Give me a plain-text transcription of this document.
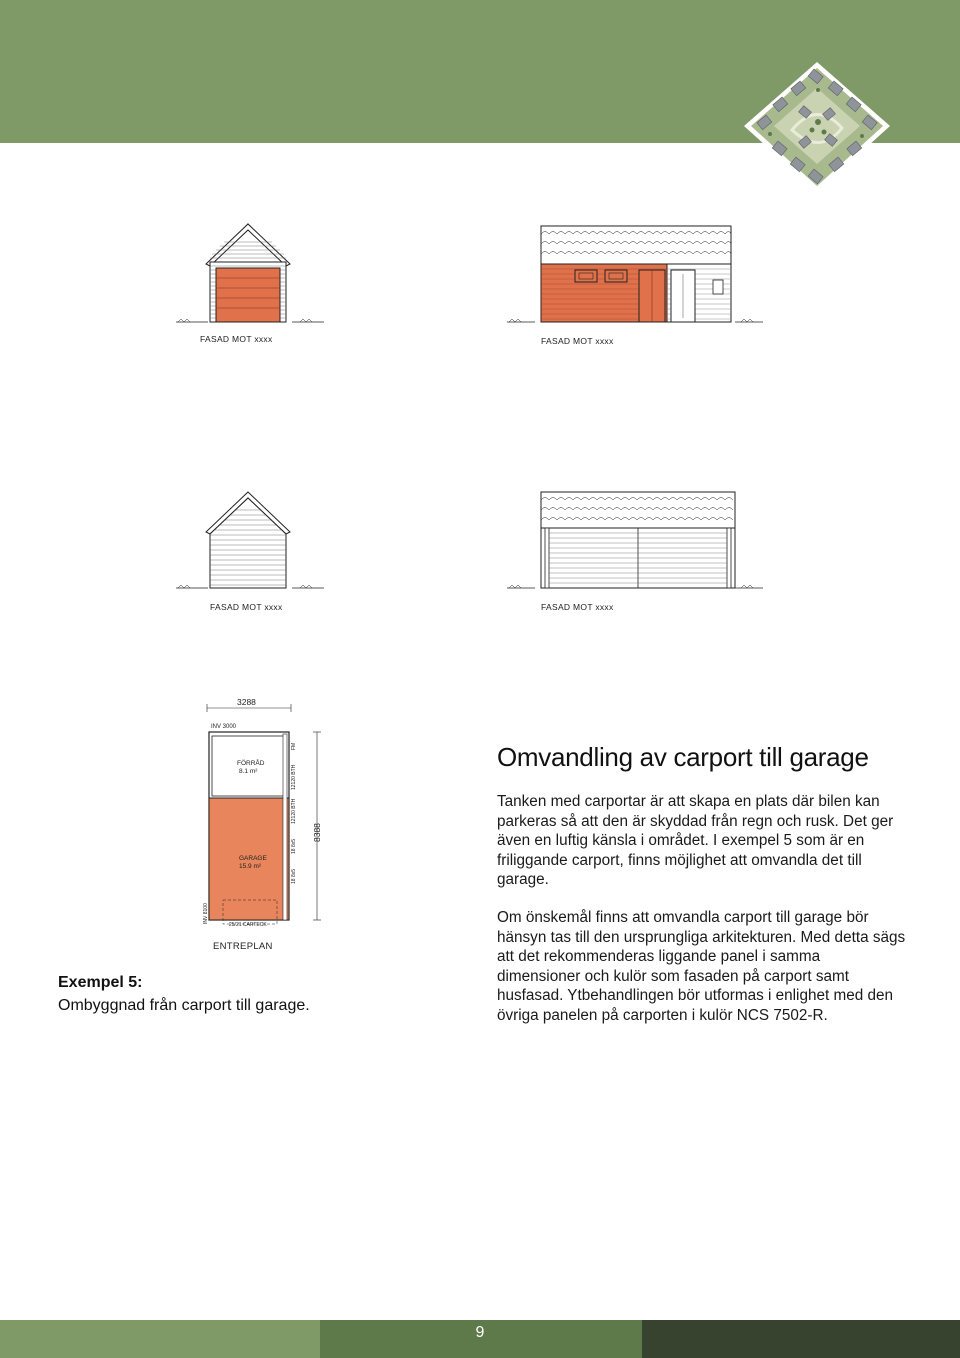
FASAD MOT xxxx	FASAD MOT xxxx
FASAD MOT xxxx	FASAD MOT xxxx
3288
INV 3000
FÖRRÅD
8.1 m²
GARAGE
15.9 m²
FM
12120 BTH
12120 BTH
18 8x5
18 8x5
8388
INV 8100
25/21 CARTECK
ENTREPLAN
Omvandling av carport till garage

Tanken med carportar är att skapa en plats där bilen kan parkeras så att den är skyddad från regn och rusk. Det ger även en luftig känsla i området. I exempel 5 som är en friliggande carport, finns möjlighet att omvandla det till garage.

Om önskemål finns att omvandla carport till garage bör hänsyn tas till den ursprungliga arkitekturen. Med detta sägs att det rekommenderas liggande panel i samma dimensioner och kulör som fasaden på carport samt husfasad. Ytbehandlingen bör utformas i enlighet med den övriga panelen på carporten i kulör NCS 7502-R.

Exempel 5:
Ombyggnad från carport till garage.
9
